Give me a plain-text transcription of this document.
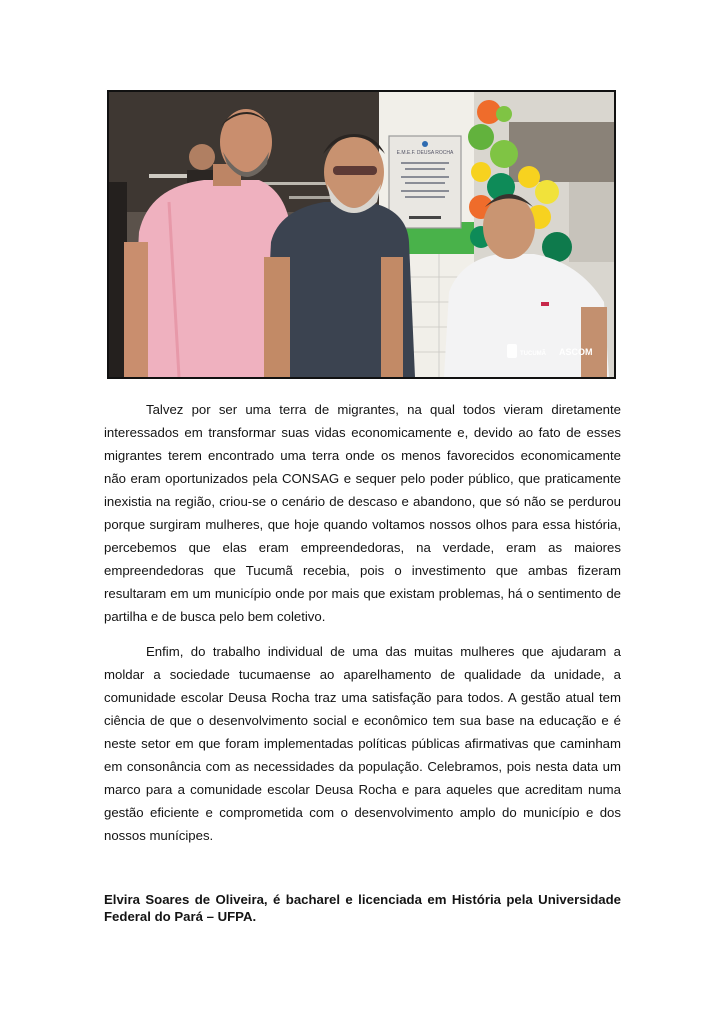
E.M.E.F. DEUSA ROCHA
TUCUMÃ ASCOM

Talvez por ser uma terra de migrantes, na qual todos vieram diretamente interessados em transformar suas vidas economicamente e, devido ao fato de esses migrantes terem encontrado uma terra onde os menos favorecidos economicamente não eram oportunizados pela CONSAG e sequer pelo poder público, que praticamente inexistia na região, criou-se o cenário de descaso e abandono, que só não se perdurou porque surgiram mulheres, que hoje quando voltamos nossos olhos para essa história, percebemos que elas eram empreendedoras, na verdade, eram as maiores empreendedoras que Tucumã recebia, pois o investimento que ambas fizeram resultaram em um município onde por mais que existam problemas, há o sentimento de partilha e de busca pelo bem coletivo.

Enfim, do trabalho individual de uma das muitas mulheres que ajudaram a moldar a sociedade tucumaense ao aparelhamento de qualidade da unidade, a comunidade escolar Deusa Rocha traz uma satisfação para todos. A gestão atual tem ciência de que o desenvolvimento social e econômico tem sua base na educação e é neste setor em que foram implementadas políticas públicas afirmativas que caminham em consonância com as necessidades da população. Celebramos, pois nesta data um marco para a comunidade escolar Deusa Rocha e para aqueles que acreditam numa gestão eficiente e comprometida com o desenvolvimento amplo do município e dos nossos munícipes.

Elvira Soares de Oliveira, é bacharel e licenciada em História pela Universidade Federal do Pará – UFPA.
